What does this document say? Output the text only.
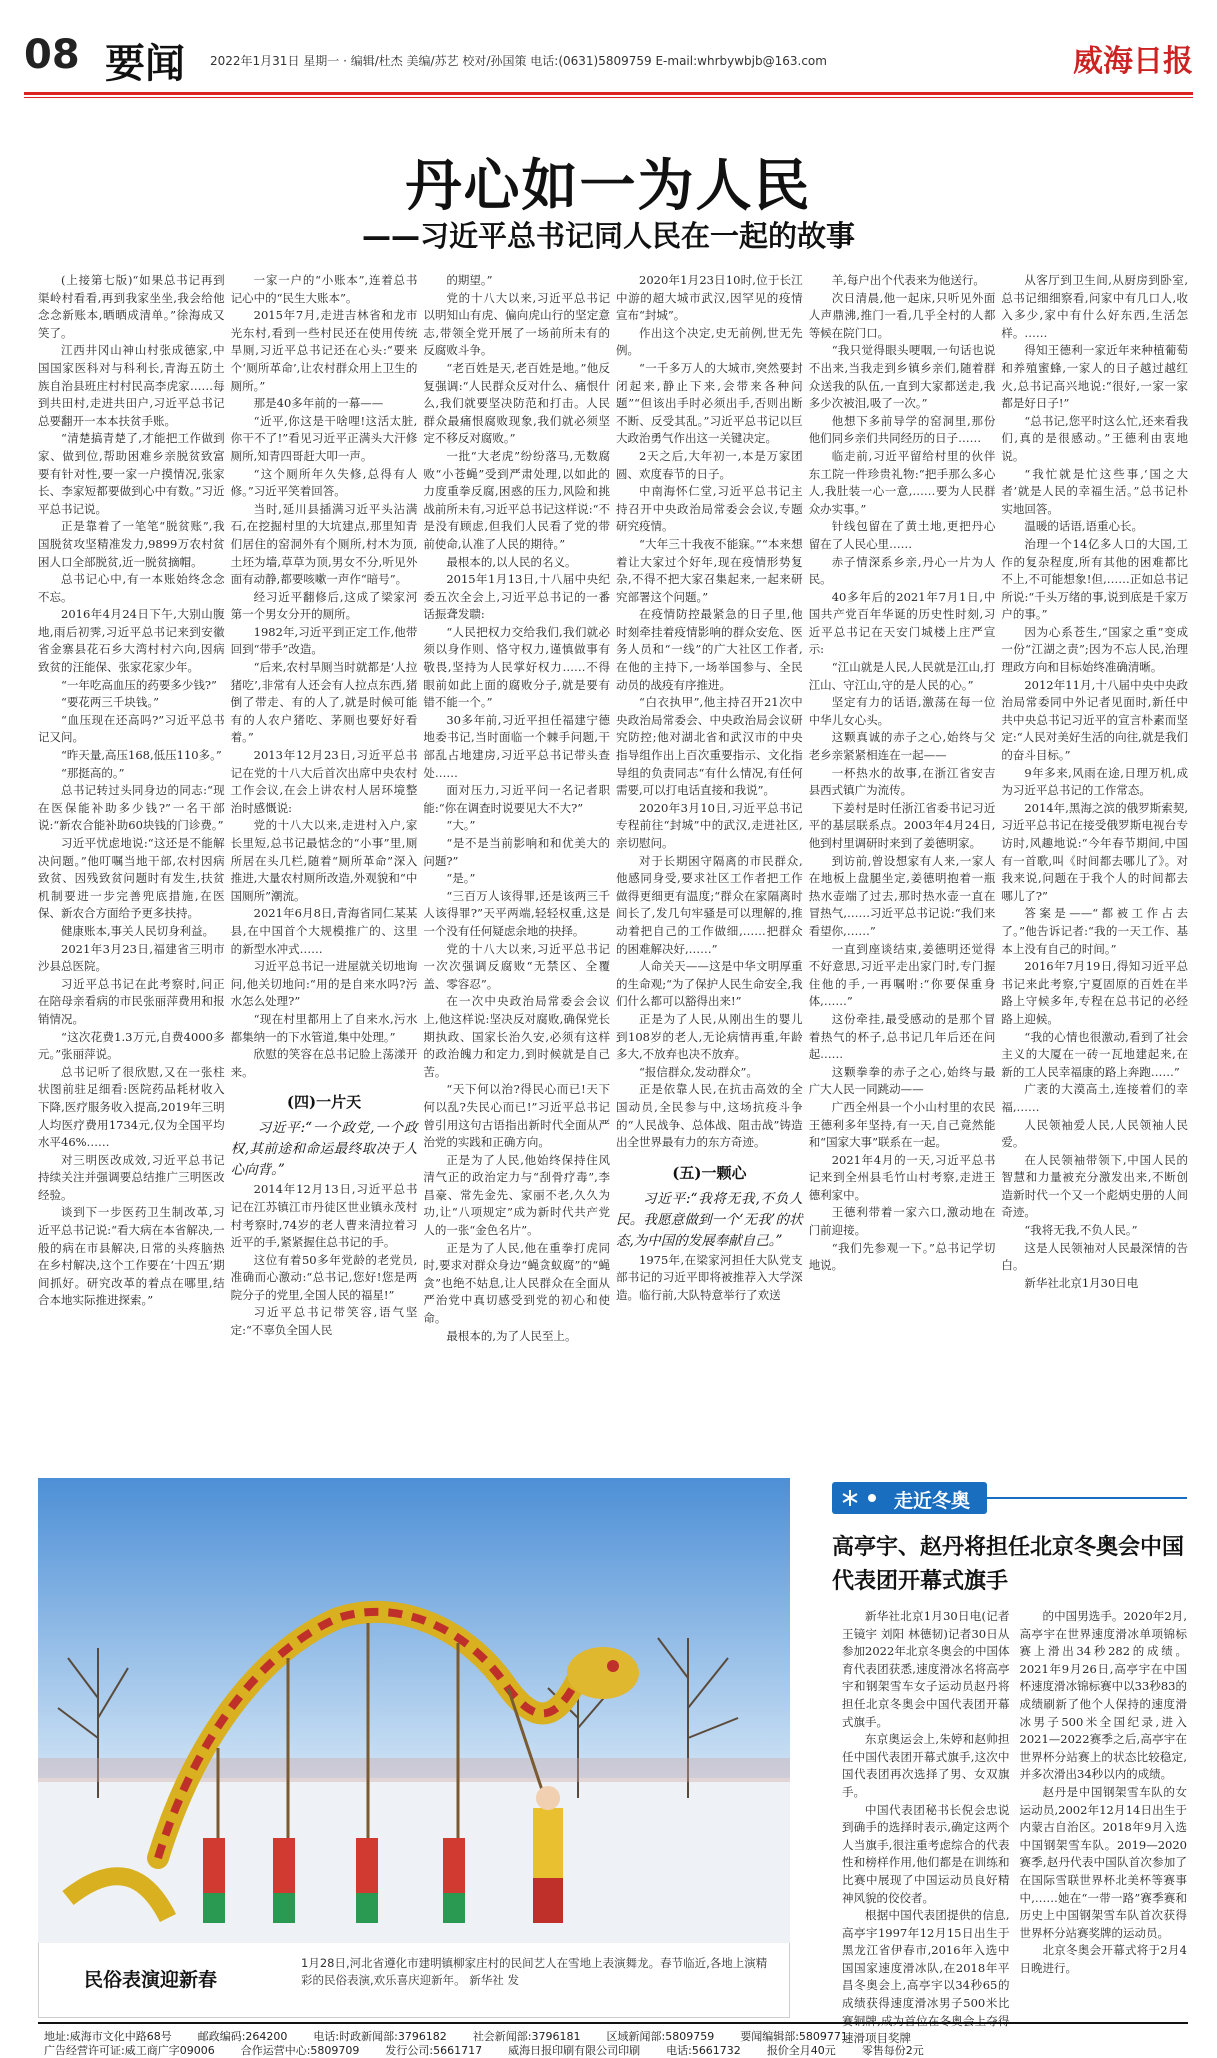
08 要闻 2022年1月31日 星期一 · 编辑/杜杰 美编/苏艺 校对/孙国策 电话:(0631)5809759 E-mail:whrbywbjb@163.com	威海日报
丹心如一为人民
——习近平总书记同人民在一起的故事

(上接第七版)“如果总书记再到渠岭村看看,再到我家坐坐,我会给他念念新账本,晒晒成清单。”徐海成又笑了。

江西井冈山神山村张成德家,中国国家医科对与科利长,青海五防土族自治县班庄村村民高李虎家……每到共田村,走进共田户,习近平总书记总要翻开一本本扶贫手账。

“清楚搞青楚了,才能把工作做到家、做到位,帮助困难乡亲脱贫致富要有针对性,要一家一户摸情况,张家长、李家短都要做到心中有数。”习近平总书记说。

正是靠着了一笔笔“脱贫账”,我国脱贫攻坚精准发力,9899万农村贫困人口全部脱贫,近一脱贫摘帽。

总书记心中,有一本账始终念念不忘。

2016年4月24日下午,大别山腹地,雨后初霁,习近平总书记来到安徽省金寨县花石乡大湾村村六向,因病致贫的汪能保、张家花家少年。

“一年吃高血压的药要多少钱?”

“要花两三千块钱。”

“血压现在还高吗?”习近平总书记又问。

“昨天量,高压168,低压110多。”

“那挺高的。”

总书记转过头同身边的同志:“现在医保能补助多少钱?”一名干部说:“新农合能补助60块钱的门诊费。”

习近平忧虑地说:“这还是不能解决问题。”他叮嘱当地干部,农村因病致贫、因残致贫问题时有发生,扶贫机制要进一步完善兜底措施,在医保、新农合方面给予更多扶持。

健康账本,事关人民切身利益。

2021年3月23日,福建省三明市沙县总医院。

习近平总书记在此考察时,问正在陪母亲看病的市民张丽萍费用和报销情况。

“这次花费1.3万元,自费4000多元。”张丽萍说。

总书记听了很欣慰,又在一张柱状图前驻足细看:医院药品耗材收入下降,医疗服务收入提高,2019年三明人均医疗费用1734元,仅为全国平均水平46%……

对三明医改成效,习近平总书记持续关注并强调要总结推广三明医改经验。

谈到下一步医药卫生制改革,习近平总书记说:“看大病在本省解决,一般的病在市县解决,日常的头疼脑热在乡村解决,这个工作要在‘十四五’期间抓好。研究改革的着点在哪里,结合本地实际推进探索。”

一家一户的“小账本”,连着总书记心中的“民生大账本”。

2015年7月,走进吉林省和龙市光东村,看到一些村民还在使用传统旱厕,习近平总书记还在心头:“要来个‘厕所革命’,让农村群众用上卫生的厕所。”

那是40多年前的一幕——

“近平,你这是干啥哩!这活太脏,你干不了!”看见习近平正满头大汗修厕所,知青四哥赶大叩一声。

“这个厕所年久失修,总得有人修。”习近平笑着回答。

当时,延川县插满习近平头沾满石,在挖掘村里的大坑建点,那里知青们居住的窑洞外有个厕所,村木为顶,土坯为墙,草草为顶,男女不分,听见外面有动静,都要咳嗽一声作“暗号”。

经习近平翻修后,这成了梁家河第一个男女分开的厕所。

1982年,习近平到正定工作,他带回到“带手”改造。

“后来,农村旱厕当时就都是‘人拉猪吃’,非常有人还会有人拉点东西,猪倒了带走、有的人了,就是时候可能有的人农户猪吃、茅厕也要好好看着。”

2013年12月23日,习近平总书记在党的十八大后首次出席中央农村工作会议,在会上讲农村人居环境整治时感慨说:

党的十八大以来,走进村入户,家长里短,总书记最惦念的“小事”里,厕所居在头几栏,随着“厕所革命”深入推进,大量农村厕所改造,外观貌和“中国厕所”潮流。

2021年6月8日,青海省同仁某某县,在中国首个大规模推广的、这里的新型水冲式……

习近平总书记一进屋就关切地询问,他关切地问:“用的是自来水吗?污水怎么处理?”

“现在村里都用上了自来水,污水都集纳一的下水管道,集中处理。”

欣慰的笑容在总书记脸上荡漾开来。

(四)一片天

习近平:“一个政党,一个政权,其前途和命运最终取决于人心向背。”

2014年12月13日,习近平总书记在江苏镇江市丹徒区世业镇永茂村村考察时,74岁的老人曹来清拉着习近平的手,紧紧握住总书记的手。

这位有着50多年党龄的老党员,准确而心激动:“总书记,您好!您是两院分子的党里,全国人民的福星!”

习近平总书记带笑容,语气坚定:“不辜负全国人民

的期望。”

党的十八大以来,习近平总书记以明知山有虎、偏向虎山行的坚定意志,带领全党开展了一场前所未有的反腐败斗争。

“老百姓是天,老百姓是地。”他反复强调:“人民群众反对什么、痛恨什么,我们就要坚决防范和打击。人民群众最痛恨腐败现象,我们就必须坚定不移反对腐败。”

一批“大老虎”纷纷落马,无数腐败“小苍蝇”受到严肃处理,以如此的力度重拳反腐,困惑的压力,风险和挑战前所未有,习近平总书记这样说:“不是没有顾虑,但我们人民看了党的带前使命,认准了人民的期待。”

最根本的,以人民的名义。

2015年1月13日,十八届中央纪委五次全会上,习近平总书记的一番话振聋发聩:

“人民把权力交给我们,我们就必须以身作则、恪守权力,谨慎做事有敬畏,坚持为人民掌好权力……不得眼前如此上面的腐败分子,就是要有错不能一个。”

30多年前,习近平担任福建宁德地委书记,当时面临一个棘手问题,干部乱占地建房,习近平总书记带头查处……

面对压力,习近平问一名记者职能:“你在调查时说要见大不大?”

“大。”

“是不是当前影响和和优美大的问题?”

“是。”

“三百万人该得罪,还是该两三千人该得罪?”天平两端,轻轻权重,这是一个没有任何疑虑余地的抉择。

党的十八大以来,习近平总书记一次次强调反腐败“无禁区、全覆盖、零容忍”。

在一次中央政治局常委会会议上,他这样说:坚决反对腐败,确保党长期执政、国家长治久安,必须有这样的政治魄力和定力,到时候就是自己苦。

“天下何以治?得民心而已!天下何以乱?失民心而已!”习近平总书记曾引用这句古语指出新时代全面从严治党的实践和正确方向。

正是为了人民,他始终保持住风清气正的政治定力与“刮骨疗毒”,李昌豪、常先金先、家丽不老,久久为功,让“八项规定”成为新时代共产党人的一张“金色名片”。

正是为了人民,他在重拳打虎同时,要求对群众身边“蝇贪蚁腐”的“蝇贪”也绝不姑息,让人民群众在全面从严治党中真切感受到党的初心和使命。

最根本的,为了人民至上。

2020年1月23日10时,位于长江中游的超大城市武汉,因罕见的疫情宣布“封城”。

作出这个决定,史无前例,世无先例。

“一千多万人的大城市,突然要封闭起来,静止下来,会带来各种问题”“但该出手时必须出手,否则出断不断、反受其乱。”习近平总书记以巨大政治勇气作出这一关键决定。

2天之后,大年初一,本是万家团圆、欢度春节的日子。

中南海怀仁堂,习近平总书记主持召开中央政治局常委会会议,专题研究疫情。

“大年三十我夜不能寐。”“本来想着让大家过个好年,现在疫情形势复杂,不得不把大家召集起来,一起来研究部署这个问题。”

在疫情防控最紧急的日子里,他时刻牵挂着疫情影响的群众安危、医务人员和“一线”的广大社区工作者,在他的主持下,一场举国参与、全民动员的战疫有序推进。

“白衣执甲”,他主持召开21次中央政治局常委会、中央政治局会议研究防控;他对湖北省和武汉市的中央指导组作出上百次重要指示、文化指导组的负责同志“有什么情况,有任何需要,可以打电话直接和我说”。

2020年3月10日,习近平总书记专程前往“封城”中的武汉,走进社区,亲切慰问。

对于长期困守隔离的市民群众,他感同身受,要求社区工作者把工作做得更细更有温度;“群众在家隔离时间长了,发几句牢骚是可以理解的,推动着把自己的工作做细,……把群众的困难解决好,……”

人命关天——这是中华文明厚重的生命观;“为了保护人民生命安全,我们什么都可以豁得出来!”

正是为了人民,从刚出生的婴儿到108岁的老人,无论病情再重,年龄多大,不放弃也决不放弃。

“报信群众,发动群众”。

正是依靠人民,在抗击高效的全国动员,全民参与中,这场抗疫斗争的“人民战争、总体战、阻击战”铸造出全世界最有力的东方奇迹。

(五)一颗心

习近平:“我将无我,不负人民。我愿意做到一个‘无我’的状态,为中国的发展奉献自己。”

1975年,在梁家河担任大队党支部书记的习近平即将被推荐入大学深造。临行前,大队特意举行了欢送

羊,每户出个代表来为他送行。

次日清晨,他一起床,只听见外面人声鼎沸,推门一看,几乎全村的人都等候在院门口。

“我只觉得眼头哽咽,一句话也说不出来,当我走到乡镇乡亲们,随着群众送我的队伍,一直到大家都送走,我多少次被泪,吸了一次。”

他想下多前导学的窑洞里,那份他们同乡亲们共同经历的日子……

临走前,习近平留给村里的伙伴东工院一件珍贵礼物:“把手那么多心人,我肚装一心一意,……要为人民群众办实事。”

针线包留在了黄土地,更把丹心留在了人民心里……

赤子情深系乡亲,丹心一片为人民。

40多年后的2021年7月1日,中国共产党百年华诞的历史性时刻,习近平总书记在天安门城楼上庄严宣示:

“江山就是人民,人民就是江山,打江山、守江山,守的是人民的心。”

坚定有力的话语,激荡在每一位中华儿女心头。

这颗真诚的赤子之心,始终与父老乡亲紧紧相连在一起——

一杯热水的故事,在浙江省安吉县西式镇广为流传。

下姜村是时任浙江省委书记习近平的基层联系点。2003年4月24日,他到村里调研时来到了姜德明家。

到访前,曾设想家有人来,一家人在地板上盘腿坐定,姜德明抱着一瓶热水壶端了过去,那时热水壶一直在冒热气,……习近平总书记说:“我们来看望你,……”

一直到座谈结束,姜德明还觉得不好意思,习近平走出家门时,专门握住他的手,一再嘱咐:“你要保重身体,……”

这份牵挂,最受感动的是那个冒着热气的杯子,总书记几年后还在问起……

这颗拳拳的赤子之心,始终与最广大人民一同跳动——

广西全州县一个小山村里的农民王德利多年坚持,有一天,自己竟然能和“国家大事”联系在一起。

2021年4月的一天,习近平总书记来到全州县毛竹山村考察,走进王德利家中。

王德利带着一家六口,激动地在门前迎接。

“我们先参观一下。”总书记学切地说。

从客厅到卫生间,从厨房到卧室,总书记细细察看,问家中有几口人,收入多少,家中有什么好东西,生活怎样。……

得知王德利一家近年来种植葡萄和养殖蜜蜂,一家人的日子越过越红火,总书记高兴地说:“很好,一家一家都是好日子!”

“总书记,您平时这么忙,还来看我们,真的是很感动。”王德利由衷地说。

“我忙就是忙这些事,‘国之大者’就是人民的幸福生活。”总书记朴实地回答。

温暖的话语,语重心长。

治理一个14亿多人口的大国,工作的复杂程度,所有其他的困难都比不上,不可能想象!但,……正如总书记所说:“千头万绪的事,说到底是千家万户的事。”

因为心系苍生,“国家之重”变成一份“江湖之责”;因为不忘人民,治理理政方向和目标始终准确清晰。

2012年11月,十八届中央中央政治局常委同中外记者见面时,新任中共中央总书记习近平的宣言朴素而坚定:“人民对美好生活的向往,就是我们的奋斗目标。”

9年多来,风雨在途,日理万机,成为习近平总书记的工作常态。

2014年,黑海之滨的俄罗斯索契,习近平总书记在接受俄罗斯电视台专访时,风趣地说:“今年春节期间,中国有一首歌,叫《时间都去哪儿了》。对我来说,问题在于我个人的时间都去哪儿了?”

答案是——“都被工作占去了。”他告诉记者:“我的一天工作、基本上没有自己的时间。”

2016年7月19日,得知习近平总书记来此考察,宁夏固原的百姓在半路上守候多年,专程在总书记的必经路上迎候。

“我的心情也很激动,看到了社会主义的大厦在一砖一瓦地建起来,在新的工人民幸福康的路上奔跑……”

广袤的大漠高土,连接着们的幸福,……

人民领袖爱人民,人民领袖人民爱。

在人民领袖带领下,中国人民的智慧和力量被充分激发出来,不断创造新时代一个又一个彪炳史册的人间奇迹。

“我将无我,不负人民。”

这是人民领袖对人民最深情的告白。

新华社北京1月30日电

民俗表演迎新春
1月28日,河北省遵化市建明镇柳家庄村的民间艺人在雪地上表演舞龙。春节临近,各地上演精彩的民俗表演,欢乐喜庆迎新年。 新华社 发
走近冬奥
高亭宇、赵丹将担任北京冬奥会中国代表团开幕式旗手

新华社北京1月30日电(记者 王镜宇 刘阳 林德韧)记者30日从参加2022年北京冬奥会的中国体育代表团获悉,速度滑冰名将高亭宇和钢架雪车女子运动员赵丹将担任北京冬奥会中国代表团开幕式旗手。

东京奥运会上,朱婷和赵帅担任中国代表团开幕式旗手,这次中国代表团再次选择了男、女双旗手。

中国代表团秘书长倪会忠说到确手的选择时表示,确定这两个人当旗手,很注重考虑综合的代表性和榜样作用,他们都是在训练和比赛中展现了中国运动员良好精神风貌的佼佼者。

根据中国代表团提供的信息,高亭宇1997年12月15日出生于黑龙江省伊春市,2016年入选中国国家速度滑冰队,在2018年平昌冬奥会上,高亭宇以34秒65的成绩获得速度滑冰男子500米比赛铜牌,成为首位在冬奥会上夺得速滑项目奖牌

的中国男选手。2020年2月,高亭宇在世界速度滑冰单项锦标赛上滑出34秒282的成绩。2021年9月26日,高亭宇在中国杯速度滑冰锦标赛中以33秒83的成绩刷新了他个人保持的速度滑冰男子500米全国纪录,进入2021—2022赛季之后,高亭宇在世界杯分站赛上的状态比较稳定,并多次滑出34秒以内的成绩。

赵丹是中国钢架雪车队的女运动员,2002年12月14日出生于内蒙古自治区。2018年9月入选中国钢架雪车队。2019—2020赛季,赵丹代表中国队首次参加了在国际雪联世界杯北美杯等赛事中,……她在“一带一路”赛季赛和历史上中国钢架雪车队首次获得世界杯分站赛奖牌的运动员。

北京冬奥会开幕式将于2月4日晚进行。

地址:威海市文化中路68号 邮政编码:264200 电话:时政新闻部:3796182 社会新闻部:3796181 区域新闻部:5809759 要闻编辑部:5809771
广告经营许可证:威工商广字09006 合作运营中心:5809709 发行公司:5661717 威海日报印刷有限公司印刷 电话:5661732 报价全月40元 零售每份2元
